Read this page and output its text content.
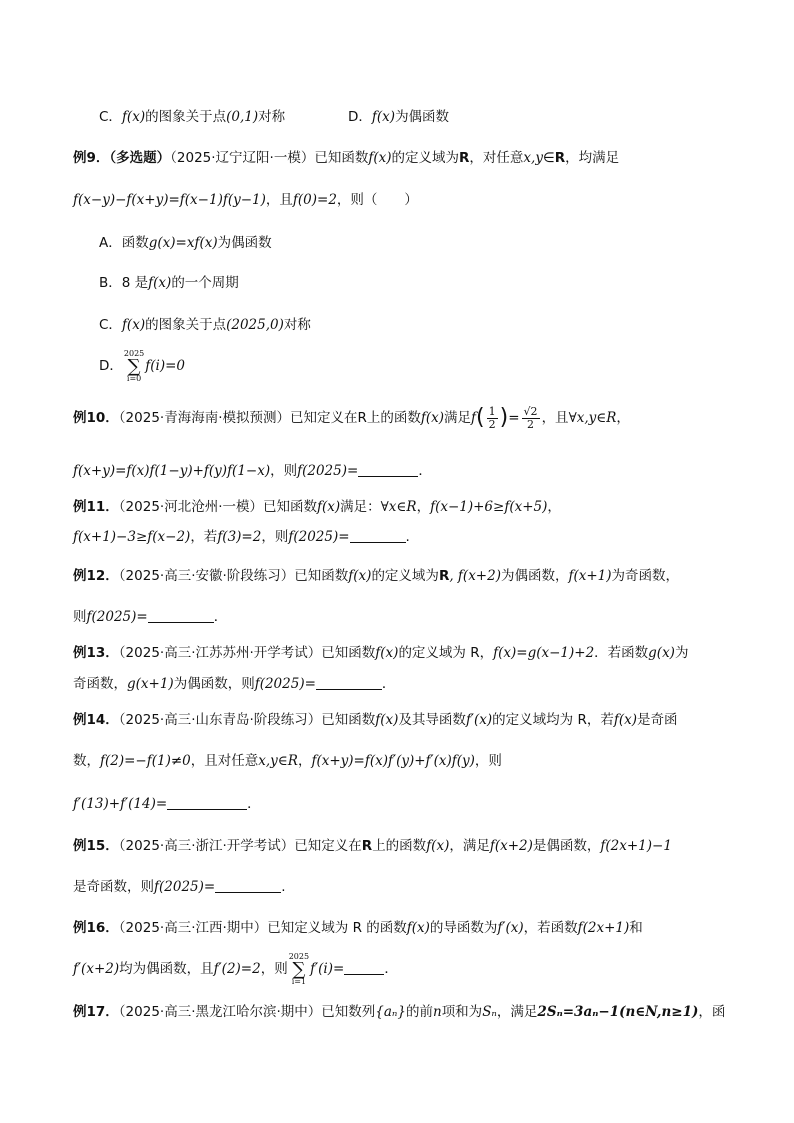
C．f(x)的图象关于点(0,1)对称	D．f(x)为偶函数
例9．（多选题）（2025·辽宁辽阳·一模）已知函数f(x)的定义域为R，对任意x,y∈R，均满足
f(x−y)−f(x+y)=f(x−1)f(y−1)，且f(0)=2，则（　　）
A．函数g(x)=xf(x)为偶函数
B．8 是f(x)的一个周期
C．f(x)的图象关于点(2025,0)对称
D．
2025
∑
i=0
f(i)=0
例10．（2025·青海海南·模拟预测）已知定义在R上的函数f(x)满足$f( \frac{1}{2}$ )= $\frac{√2}{2}$ ，且∀x,y∈R，
f(x+y)=f(x)f(1−y)+f(y)f(1−x)，则f(2025)=	．
例11．（2025·河北沧州·一模）已知函数f(x)满足：∀x∈R，f(x−1)+6≥f(x+5)，
f(x+1)−3≥f(x−2)，若f(3)=2，则f(2025)=	.
例12．（2025·高三·安徽·阶段练习）已知函数f(x)的定义域为R, f(x+2)为偶函数，f(x+1)为奇函数，
则f(2025)=	．
例13．（2025·高三·江苏苏州·开学考试）已知函数f(x)的定义域为 R，f(x)=g(x−1)+2．若函数g(x)为
奇函数，g(x+1)为偶函数，则f(2025)=	．
例14．（2025·高三·山东青岛·阶段练习）已知函数f(x)及其导函数f′(x)的定义域均为 R，若f(x)是奇函
数，f(2)=−f(1)≠0，且对任意x,y∈R，f(x+y)=f(x)f′(y)+f′(x)f(y)，则
f′(13)+f′(14)=	．
例15．（2025·高三·浙江·开学考试）已知定义在R上的函数f(x)，满足f(x+2)是偶函数，f(2x+1)−1
是奇函数，则f(2025)=	.
例16．（2025·高三·江西·期中）已知定义域为 R 的函数f(x)的导函数为f′(x)，若函数f(2x+1)和
f′(x+2)均为偶函数，且f′(2)=2，则
2025
∑
i=1
f′(i)=	．
例17．（2025·高三·黑龙江哈尔滨·期中）已知数列{aₙ}的前n项和为Sₙ，满足2Sₙ=3aₙ−1(n∈N,n≥1)，函
